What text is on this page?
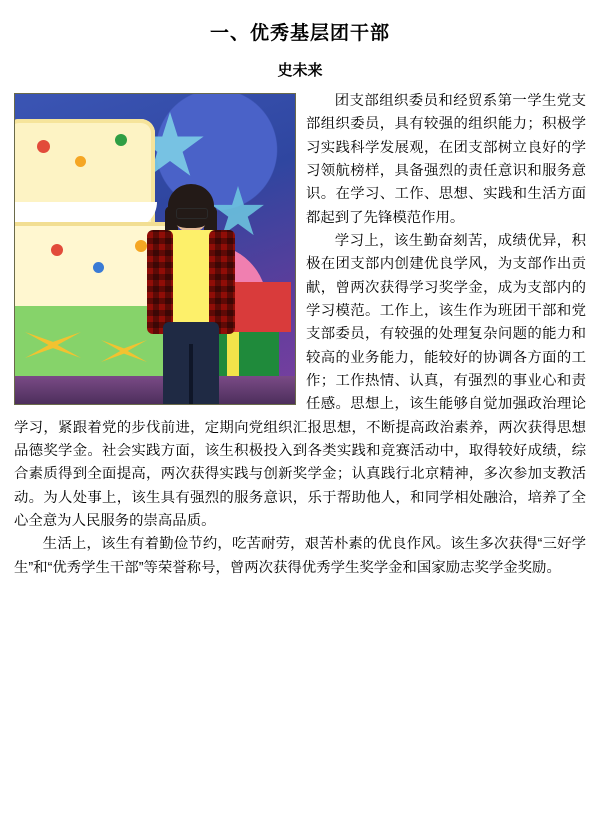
一、优秀基层团干部
史未来

团支部组织委员和经贸系第一学生党支部组织委员，具有较强的组织能力；积极学习实践科学发展观，在团支部树立良好的学习领航榜样，具备强烈的责任意识和服务意识。在学习、工作、思想、实践和生活方面都起到了先锋模范作用。

学习上，该生勤奋刻苦，成绩优异，积极在团支部内创建优良学风，为支部作出贡献，曾两次获得学习奖学金，成为支部内的学习模范。工作上，该生作为班团干部和党支部委员，有较强的处理复杂问题的能力和较高的业务能力，能较好的协调各方面的工作；工作热情、认真，有强烈的事业心和责任感。思想上，该生能够自觉加强政治理论学习，紧跟着党的步伐前进，定期向党组织汇报思想，不断提高政治素养，两次获得思想品德奖学金。社会实践方面，该生积极投入到各类实践和竞赛活动中，取得较好成绩，综合素质得到全面提高，两次获得实践与创新奖学金；认真践行北京精神，多次参加支教活动。为人处事上，该生具有强烈的服务意识，乐于帮助他人，和同学相处融洽，培养了全心全意为人民服务的崇高品质。

生活上，该生有着勤俭节约，吃苦耐劳，艰苦朴素的优良作风。该生多次获得“三好学生”和“优秀学生干部”等荣誉称号，曾两次获得优秀学生奖学金和国家励志奖学金奖励。
